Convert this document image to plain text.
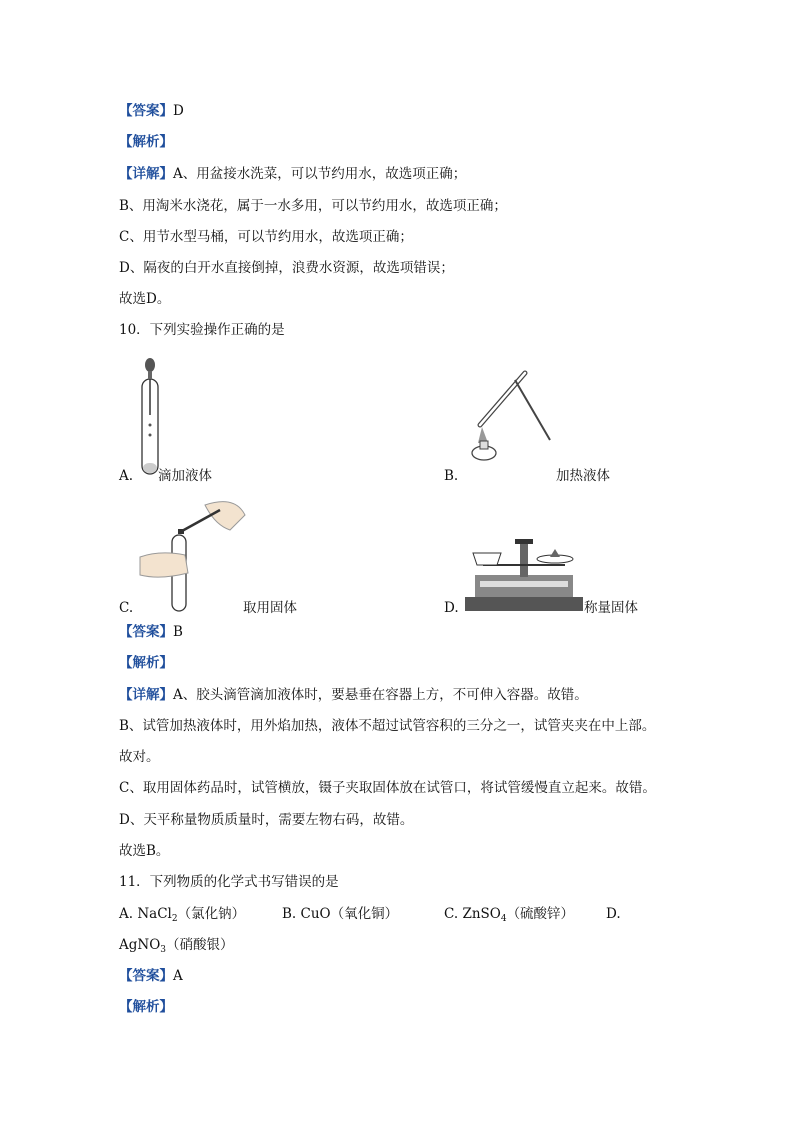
【答案】D
【解析】
【详解】A、用盆接水洗菜，可以节约用水，故选项正确；
B、用淘米水浇花，属于一水多用，可以节约用水，故选项正确；
C、用节水型马桶，可以节约用水，故选项正确；
D、隔夜的白开水直接倒掉，浪费水资源，故选项错误；
故选D。
10．下列实验操作正确的是
A. 滴加液体	B.	加热液体
C.	取用固体	D.	称量固体
【答案】B
【解析】
【详解】A、胶头滴管滴加液体时，要悬垂在容器上方，不可伸入容器。故错。
B、试管加热液体时，用外焰加热，液体不超过试管容积的三分之一，试管夹夹在中上部。
故对。
C、取用固体药品时，试管横放，镊子夹取固体放在试管口，将试管缓慢直立起来。故错。
D、天平称量物质质量时，需要左物右码，故错。
故选B。
11．下列物质的化学式书写错误的是
A. NaCl$_2$（氯化钠）	B. CuO（氧化铜）	C. ZnSO$_4$（硫酸锌） D.
AgNO$_3$（硝酸银）
【答案】A
【解析】
